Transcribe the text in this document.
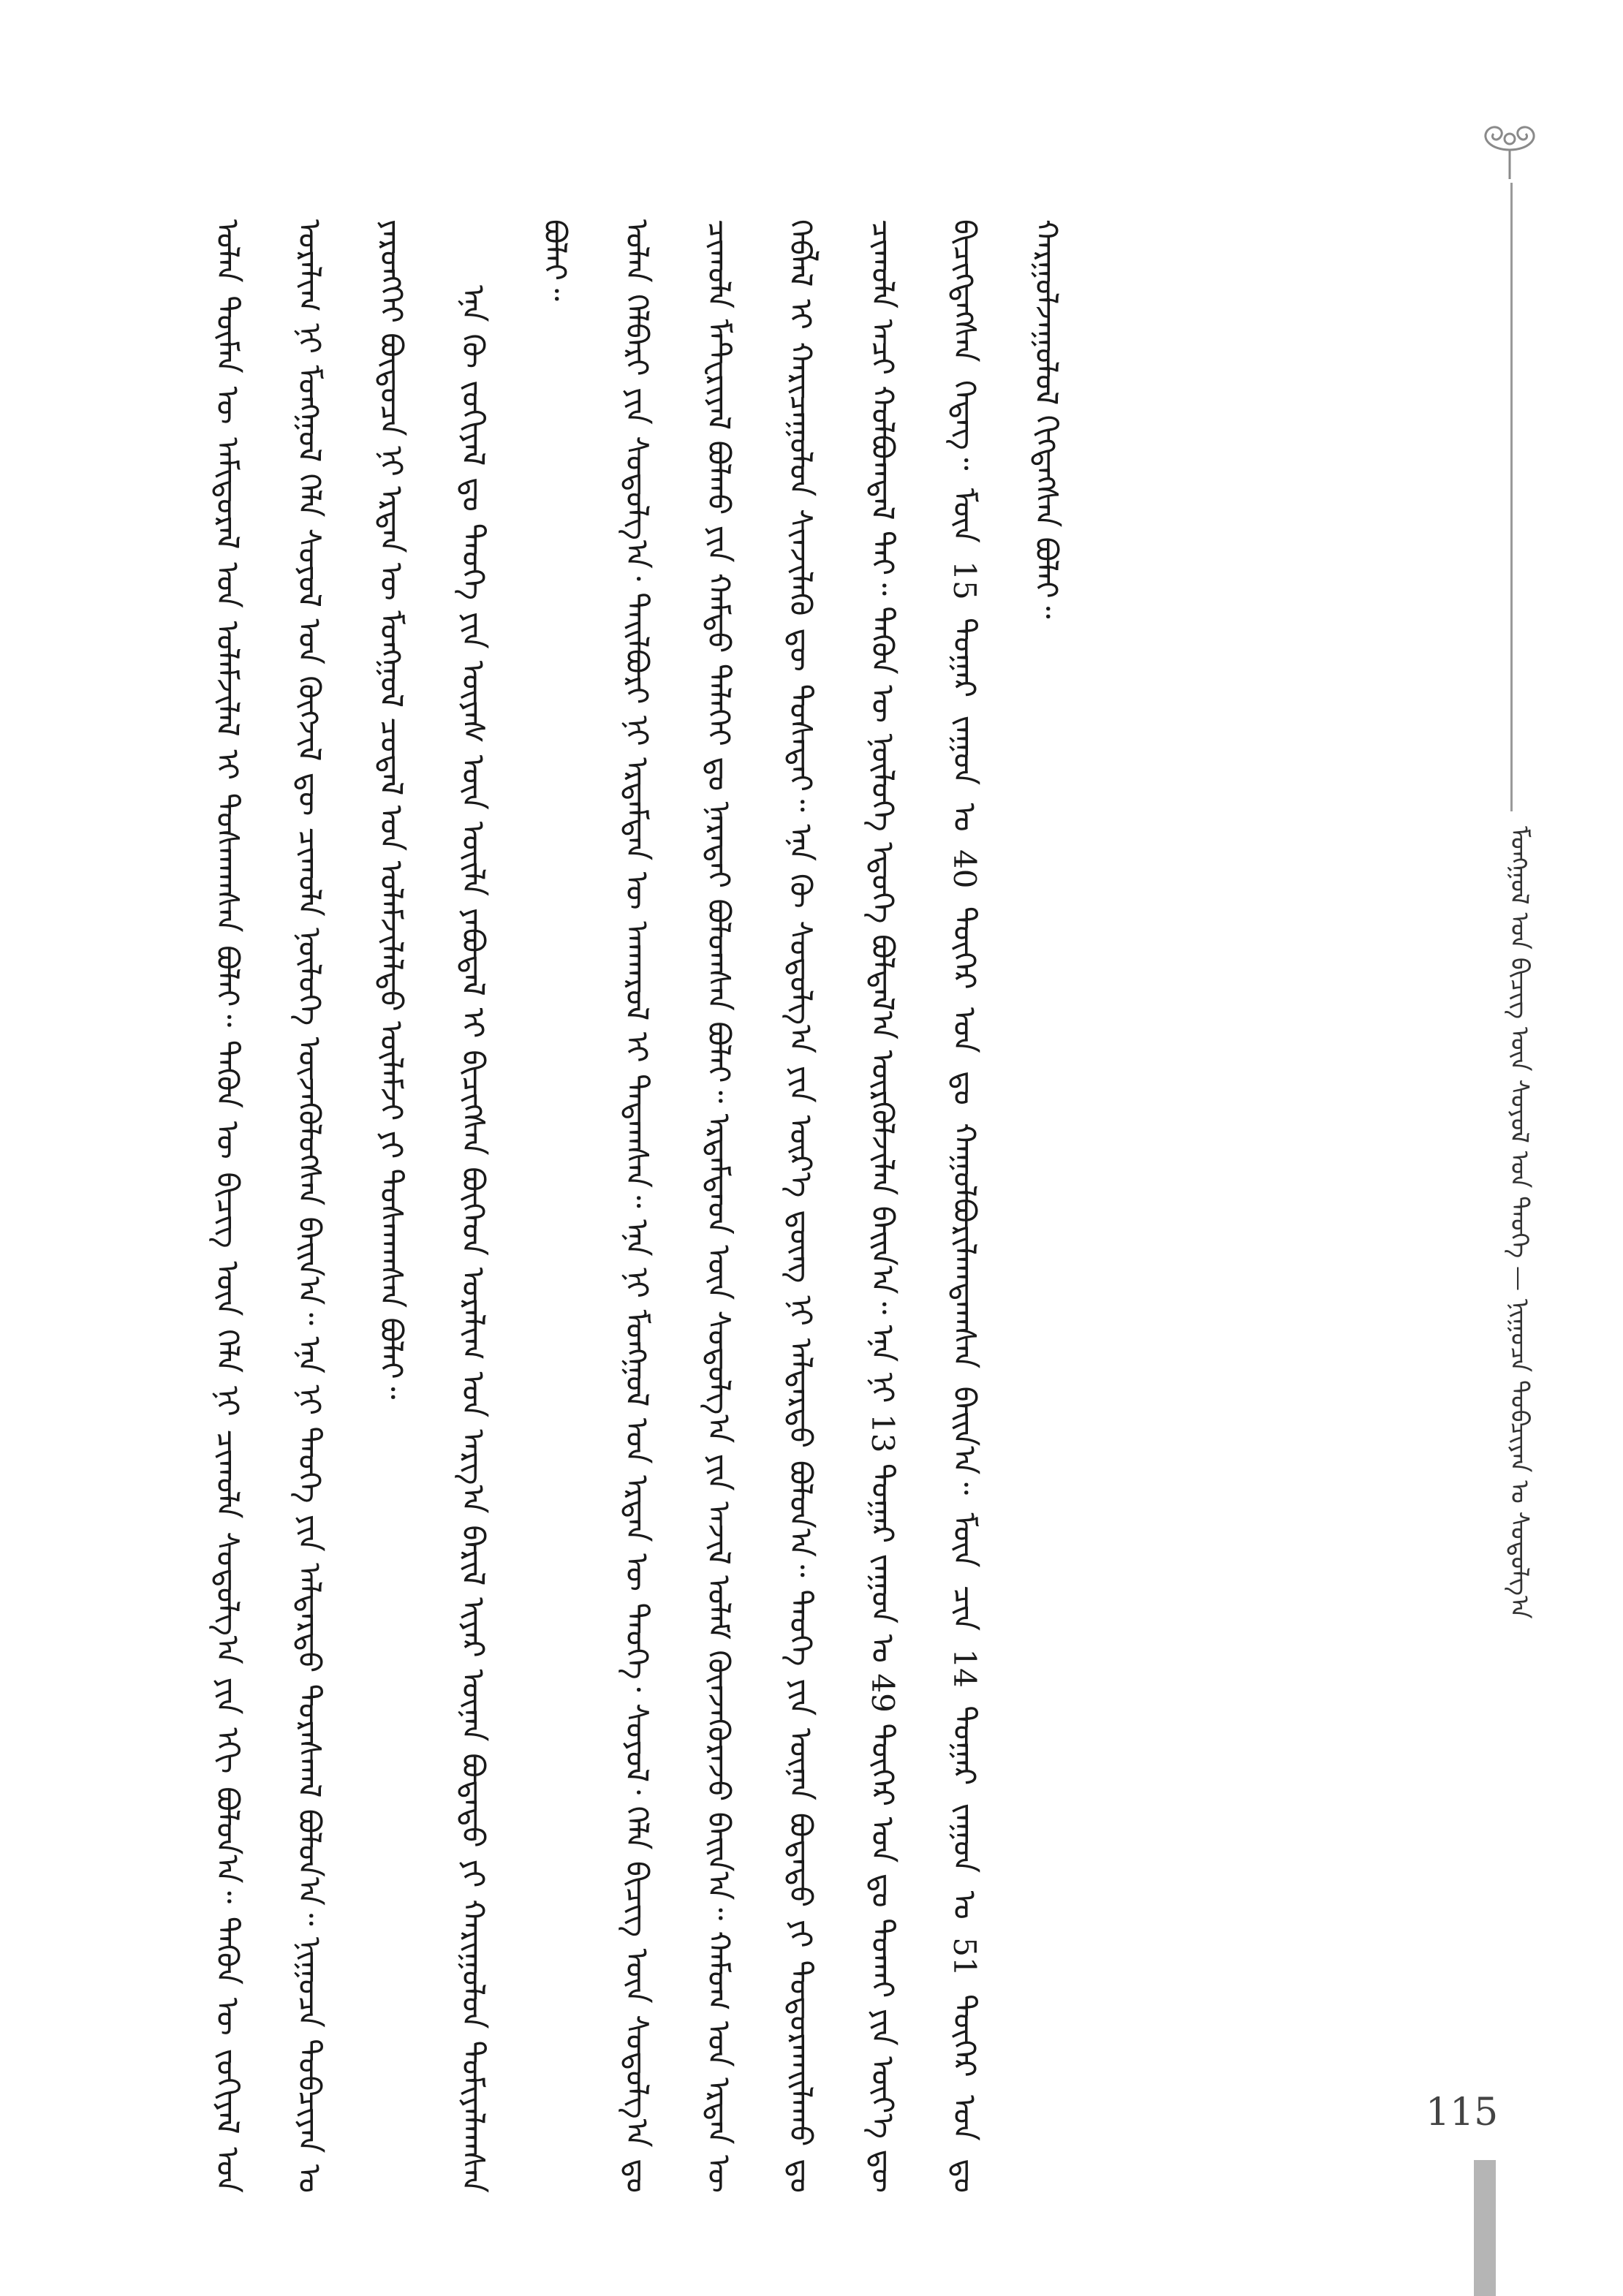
ᠮᠣᠩᠭᠣᠯ ᠤᠨ ᠪᠢᠴᠢᠭ ᠦᠨ ᠰᠣᠶᠣᠯ ᠤᠨ ᠲᠡᠦᠬᠡ — ᠨᠢᠭᠤᠴᠠ ᠲᠤᠪᠴᠢᠶᠠᠨ ᠤ ᠰᠣᠳᠤᠯᠭ᠎ᠠ

ᠣᠯᠠᠨ ᠲᠦᠮᠡᠨ ᠦ ᠠᠮᠢᠳᠤᠷᠠᠯ ᠤᠨ ᠤᠯᠠᠮᠵᠢᠯᠠᠯ ᠢ ᠲᠤᠰᠬᠠᠭᠰᠠᠨ ᠪᠣᠯᠠᠢ᠃ ᠲᠡᠭᠦᠨ ᠦ ᠪᠢᠴᠢᠭ ᠦᠨ ᠬᠡᠯᠡ ᠨᠢ ᠴᠢᠬᠤᠯᠠ ᠰᠤᠳᠤᠯᠭ᠎ᠠ ᠶᠢᠨ ᠡᠬᠢ ᠪᠣᠯᠤᠨ᠎ᠠ᠃ ᠲᠡᠭᠦᠨ ᠦ ᠵᠣᠬᠢᠶᠠᠯ ᠤᠨ ᠤᠷᠠᠯᠢᠭ ᠨᠢ ᠮᠣᠩᠭᠣᠯ ᠬᠡᠯᠡ ᠰᠣᠶᠣᠯ ᠤᠨ ᠬᠥᠭᠵᠢᠯ ᠳᠦ ᠴᠢᠬᠤᠯᠠ ᠨᠥᠯᠦᠭᠡ ᠦᠵᠡᠭᠦᠯᠦᠭᠰᠡᠨ ᠪᠠᠢᠨ᠎ᠠ᠃ ᠡᠨᠡ ᠨᠢ ᠲᠡᠦᠬᠡ ᠶᠢᠨ ᠠᠯᠳᠠᠷᠲᠤ ᠳᠤᠷᠠᠰᠬᠠᠯ ᠪᠣᠯᠤᠨ᠎ᠠ᠃ ᠨᠢᠭᠤᠴᠠ ᠲᠤᠪᠴᠢᠶᠠᠨ ᠤ ᠶᠡᠷᠦᠩᠬᠡᠢ ᠪᠦᠲᠦᠴᠡ ᠨᠢ ᠡᠷᠲᠡᠨ ᠦ ᠮᠣᠩᠭᠣᠯ ᠴᠤᠳᠠᠯ ᠤᠨ ᠤᠯᠠᠮᠵᠢᠯᠠᠯᠲᠤ ᠦᠯᠡᠮᠵᠢ ᠶᠢ ᠲᠤᠰᠬᠠᠭᠰᠠᠨ ᠪᠣᠯᠠᠢ᠃	ᠡᠨᠡ ᠬᠦ ᠵᠣᠬᠢᠶᠠᠯ ᠳᠤ ᠲᠡᠦᠬᠡ ᠶᠢᠨ ᠦᠶᠡᠰ ᠦᠨ ᠦᠢᠯᠡ ᠶᠠᠪᠤᠳᠠᠯ ᠢ ᠪᠢᠴᠢᠭᠰᠡᠨ ᠪᠥᠭᠡᠳ ᠤᠷᠠᠯᠢᠭ ᠤᠨ ᠠᠷᠭ᠎ᠠ ᠪᠠᠷᠢᠯ ᠢᠶᠠᠷ ᠦᠨᠡᠨ ᠪᠣᠳᠠᠳᠤ ᠶᠢ ᠬᠠᠷᠢᠭᠤᠯᠤᠨ ᠲᠣᠮᠢᠶᠠᠯᠠᠭᠰᠠᠨ ᠪᠣᠯᠠᠢ᠃	ᠣᠯᠠᠨ ᠬᠡᠯᠪᠡᠷᠢ ᠶᠢᠨ ᠰᠤᠳᠤᠯᠭ᠎ᠠ᠂ ᠲᠠᠢᠯᠪᠤᠷᠢ ᠨᠢ ᠡᠷᠳᠡᠮᠲᠡᠨ ᠦ ᠠᠨᠬᠠᠷᠤᠯ ᠢ ᠲᠠᠲᠠᠭᠰᠠᠨ᠃ ᠡᠨᠡ ᠨᠢ ᠮᠣᠩᠭᠣᠯ ᠤᠨ ᠡᠷᠲᠡᠨ ᠦ ᠲᠡᠦᠬᠡ᠂ ᠰᠣᠶᠣᠯ᠂ ᠬᠡᠯᠡ ᠪᠢᠴᠢᠭ ᠦᠨ ᠰᠤᠳᠤᠯᠭ᠎ᠠ ᠳᠤ ᠴᠢᠬᠤᠯᠠ ᠮᠠᠲᠧᠷᠢᠶᠠᠯ ᠪᠣᠯᠬᠤ ᠶᠢᠨ ᠬᠠᠮᠲᠤ ᠳᠡᠯᠡᠬᠡᠢ ᠳᠤ ᠨᠡᠷᠡᠲᠡᠢ ᠪᠣᠯᠤᠭᠰᠠᠨ ᠪᠣᠯᠠᠢ᠃ ᠡᠷᠳᠡᠮᠲᠡᠳ ᠦᠨ ᠰᠤᠳᠤᠯᠭ᠎ᠠ ᠶᠢᠨ ᠠᠵᠢᠯ ᠤᠯᠠᠮ ᠭᠦᠨᠵᠡᠭᠦᠷᠡᠵᠦ ᠪᠠᠢᠨ᠎ᠠ᠃ ᠬᠠᠮᠤᠭ ᠤᠨ ᠡᠷᠲᠡᠨ ᠦ ᠬᠡᠪᠯᠡᠯ ᠢ ᠬᠠᠷᠢᠴᠠᠭᠤᠯᠤᠨ ᠰᠢᠨᠵᠢᠯᠡᠬᠦ ᠳᠦ ᠲᠤᠰᠠᠲᠠᠢ᠃ ᠡᠨᠡ ᠬᠦ ᠰᠤᠳᠤᠯᠭ᠎ᠠ ᠶᠢᠨ ᠦᠷ᠎ᠡ ᠳ᠋ᠦᠩ ᠨᠢ ᠠᠯᠳᠠᠷᠲᠤ ᠪᠣᠯᠤᠨ᠎ᠠ᠃ ᠲᠡᠦᠬᠡ ᠶᠢᠨ ᠦᠨᠡᠨ ᠪᠣᠳᠠᠳᠤ ᠶᠢ ᠲᠣᠳᠤᠷᠬᠠᠢᠯᠠᠬᠤ ᠳᠤ ᠴᠢᠬᠤᠯᠠ ᠠᠴᠢ ᠬᠣᠯᠪᠣᠭᠳᠠᠯ ᠲᠠᠢ᠃ ᠲᠡᠭᠦᠨ ᠦ ᠨᠥᠯᠦᠭᠡ ᠡᠳᠦᠭᠡ ᠪᠣᠯᠲᠠᠯ᠎ᠠ ᠦᠷᠭᠦᠯᠵᠢᠯᠡᠨ ᠪᠠᠢᠨ᠎ᠠ᠃ ᠡᠨᠡ ᠨᠢ 13 ᠳᠤᠭᠠᠷ ᠵᠠᠭᠤᠨ ᠤ 49 ᠳᠦᠭᠡᠷ ᠣᠨ ᠳᠤ ᠲᠤᠬᠠᠢ ᠶᠢᠨ ᠦᠶ᠎ᠡ ᠳᠦ ᠪᠢᠴᠢᠭᠳᠡᠭᠰᠡᠨ ᠭᠡᠳᠡᠭ᠃ ᠮᠥᠨ 15 ᠳᠤᠭᠠᠷ ᠵᠠᠭᠤᠨ ᠤ 40 ᠳᠦᠭᠡᠷ ᠣᠨ ᠳᠤ ᠬᠠᠭᠤᠯᠪᠤᠷᠢᠯᠠᠭᠳᠠᠭᠰᠠᠨ ᠪᠠᠢᠨ᠎ᠠ᠃ ᠮᠥᠨ ᠴᠢᠨ 14 ᠳᠤᠭᠠᠷ ᠵᠠᠭᠤᠨ ᠤ 51 ᠳᠦᠭᠡᠷ ᠣᠨ ᠳᠤ ᠬᠠᠷᠭᠤᠯᠵᠠᠭᠤᠯᠤᠯ ᠬᠢᠭᠳᠡᠭᠰᠡᠨ ᠪᠣᠯᠠᠢ᠃

115
